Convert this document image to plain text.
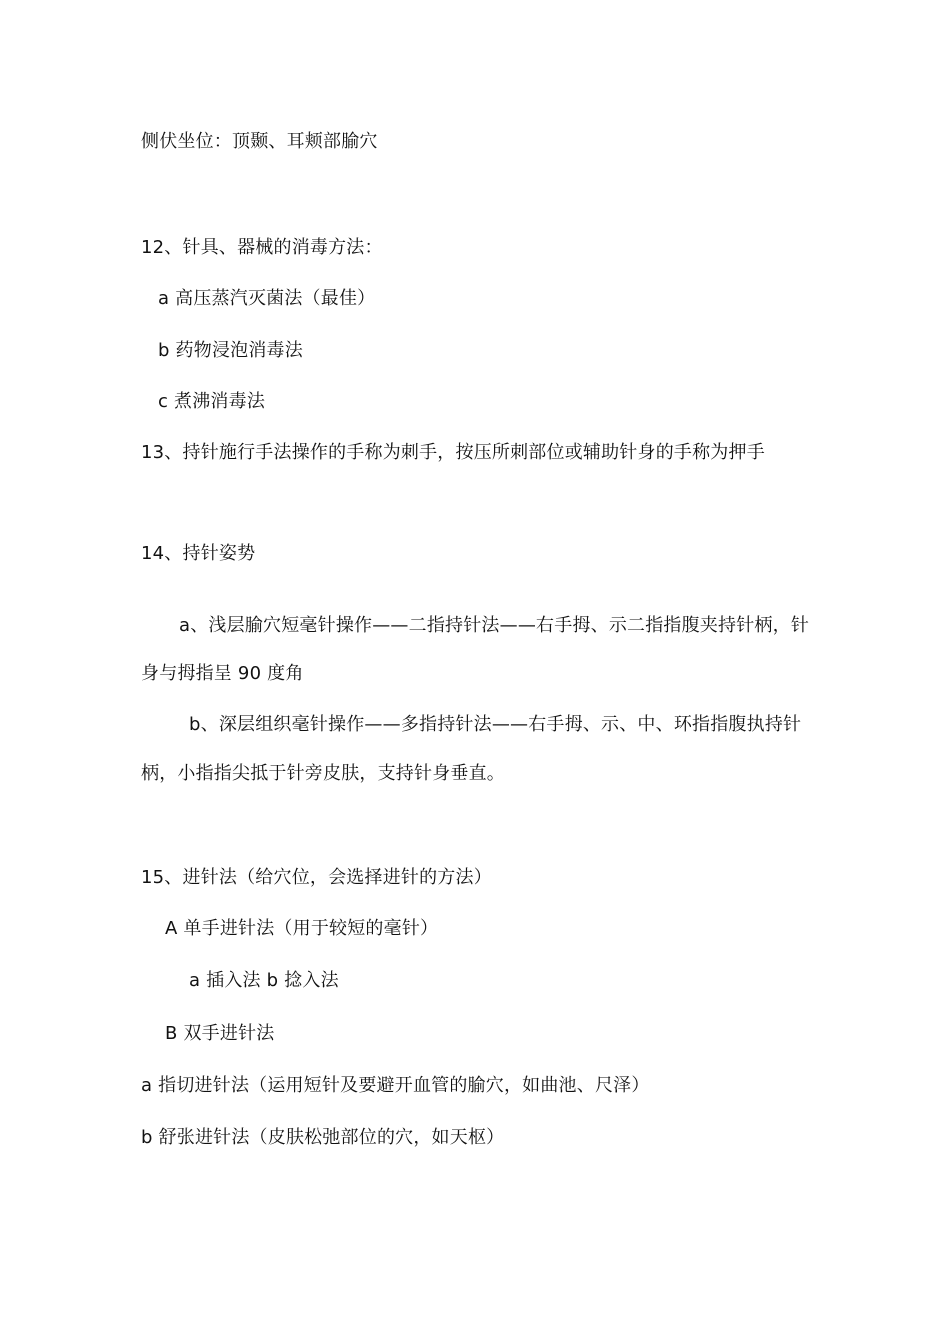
侧伏坐位：顶颞、耳颊部腧穴
12、针具、器械的消毒方法：
a 高压蒸汽灭菌法（最佳）
b 药物浸泡消毒法
c 煮沸消毒法
13、持针施行手法操作的手称为刺手，按压所刺部位或辅助针身的手称为押手
14、持针姿势
a、浅层腧穴短毫针操作——二指持针法——右手拇、示二指指腹夹持针柄，针
身与拇指呈 90 度角
b、深层组织毫针操作——多指持针法——右手拇、示、中、环指指腹执持针
柄，小指指尖抵于针旁皮肤，支持针身垂直。
15、进针法（给穴位，会选择进针的方法）
A 单手进针法（用于较短的毫针）
a 插入法 b 捻入法
B 双手进针法
a 指切进针法（运用短针及要避开血管的腧穴，如曲池、尺泽）
b 舒张进针法（皮肤松弛部位的穴，如天枢）
